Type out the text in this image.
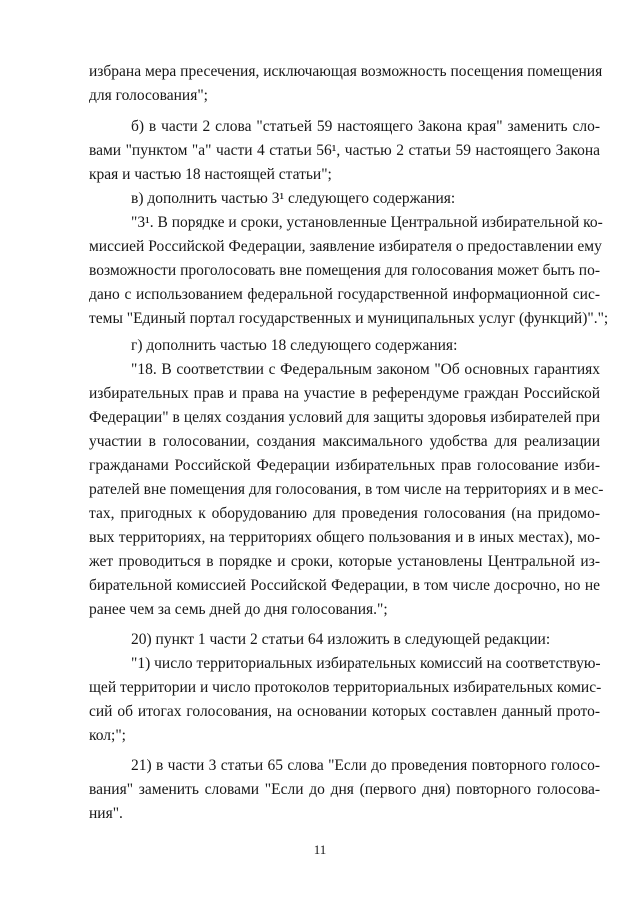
избрана мера пресечения, исключающая возможность посещения помещения
для голосования";
б) в части 2 слова "статьей 59 настоящего Закона края" заменить сло-
вами "пунктом "а" части 4 статьи 56¹, частью 2 статьи 59 настоящего Закона
края и частью 18 настоящей статьи";
в) дополнить частью 3¹ следующего содержания:
"3¹. В порядке и сроки, установленные Центральной избирательной ко-
миссией Российской Федерации, заявление избирателя о предоставлении ему
возможности проголосовать вне помещения для голосования может быть по-
дано с использованием федеральной государственной информационной сис-
темы "Единый портал государственных и муниципальных услуг (функций)".";
г) дополнить частью 18 следующего содержания:
"18. В соответствии с Федеральным законом "Об основных гарантиях
избирательных прав и права на участие в референдуме граждан Российской
Федерации" в целях создания условий для защиты здоровья избирателей при
участии в голосовании, создания максимального удобства для реализации
гражданами Российской Федерации избирательных прав голосование изби-
рателей вне помещения для голосования, в том числе на территориях и в мес-
тах, пригодных к оборудованию для проведения голосования (на придомо-
вых территориях, на территориях общего пользования и в иных местах), мо-
жет проводиться в порядке и сроки, которые установлены Центральной из-
бирательной комиссией Российской Федерации, в том числе досрочно, но не
ранее чем за семь дней до дня голосования.";
20) пункт 1 части 2 статьи 64 изложить в следующей редакции:
"1) число территориальных избирательных комиссий на соответствую-
щей территории и число протоколов территориальных избирательных комис-
сий об итогах голосования, на основании которых составлен данный прото-
кол;";
21) в части 3 статьи 65 слова "Если до проведения повторного голосо-
вания" заменить словами "Если до дня (первого дня) повторного голосова-
ния".
11
